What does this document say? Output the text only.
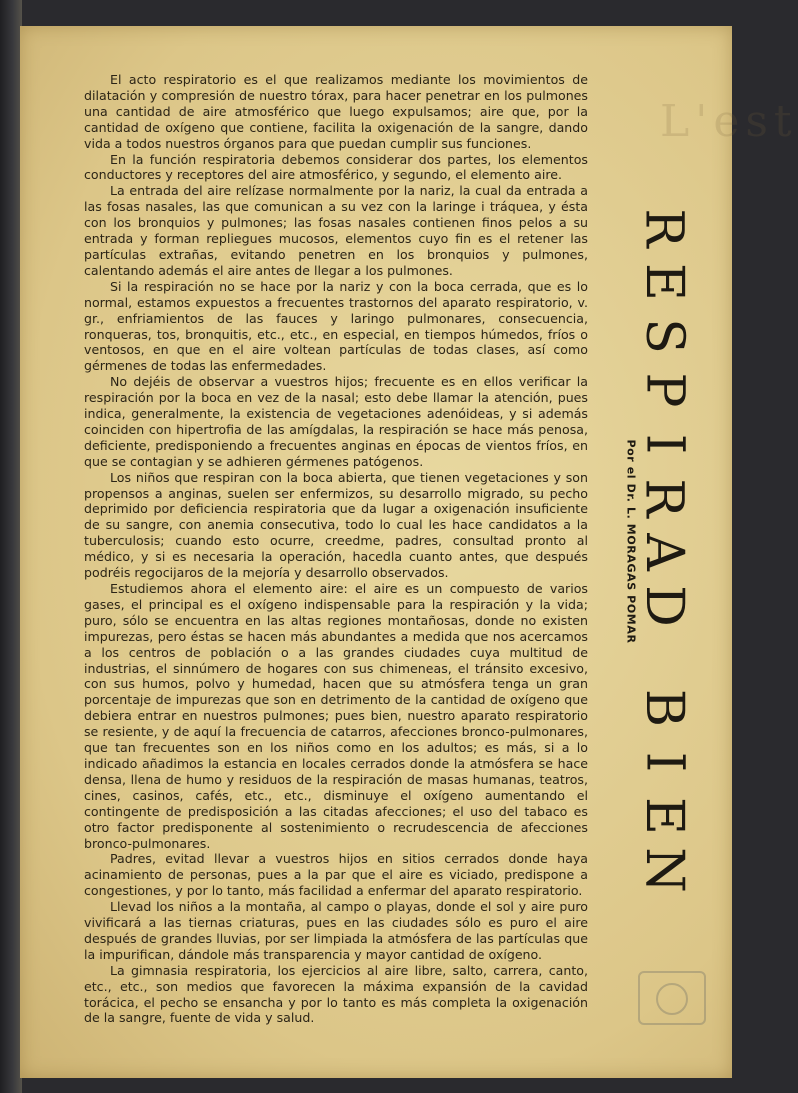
L'est

El acto respiratorio es el que realizamos mediante los movimientos de dilatación y compresión de nuestro tórax, para hacer penetrar en los pulmones una cantidad de aire atmosférico que luego expulsamos; aire que, por la cantidad de oxígeno que contiene, facilita la oxigenación de la sangre, dando vida a todos nuestros órganos para que puedan cumplir sus funciones.

En la función respiratoria debemos considerar dos partes, los elementos conductores y receptores del aire atmosférico, y segundo, el elemento aire.

La entrada del aire relízase normalmente por la nariz, la cual da entrada a las fosas nasales, las que comunican a su vez con la laringe i tráquea, y ésta con los bronquios y pulmones; las fosas nasales contienen finos pelos a su entrada y forman repliegues mucosos, elementos cuyo fin es el retener las partículas extrañas, evitando penetren en los bronquios y pulmones, calentando además el aire antes de llegar a los pulmones.

Si la respiración no se hace por la nariz y con la boca cerrada, que es lo normal, estamos expuestos a frecuentes trastornos del aparato respiratorio, v. gr., enfriamientos de las fauces y laringo pulmonares, consecuencia, ronqueras, tos, bronquitis, etc., etc., en especial, en tiempos húmedos, fríos o ventosos, en que en el aire voltean partículas de todas clases, así como gérmenes de todas las enfermedades.

No dejéis de observar a vuestros hijos; frecuente es en ellos verificar la respiración por la boca en vez de la nasal; esto debe llamar la atención, pues indica, generalmente, la existencia de vegetaciones adenóideas, y si además coinciden con hipertrofia de las amígdalas, la respiración se hace más penosa, deficiente, predisponiendo a frecuentes anginas en épocas de vientos fríos, en que se contagian y se adhieren gérmenes patógenos.

Los niños que respiran con la boca abierta, que tienen vegetaciones y son propensos a anginas, suelen ser enfermizos, su desarrollo migrado, su pecho deprimido por deficiencia respiratoria que da lugar a oxigenación insuficiente de su sangre, con anemia consecutiva, todo lo cual les hace candidatos a la tuberculosis; cuando esto ocurre, creedme, padres, consultad pronto al médico, y si es necesaria la operación, hacedla cuanto antes, que después podréis regocijaros de la mejoría y desarrollo observados.

Estudiemos ahora el elemento aire: el aire es un compuesto de varios gases, el principal es el oxígeno indispensable para la respiración y la vida; puro, sólo se encuentra en las altas regiones montañosas, donde no existen impurezas, pero éstas se hacen más abundantes a medida que nos acercamos a los centros de población o a las grandes ciudades cuya multitud de industrias, el sinnúmero de hogares con sus chimeneas, el tránsito excesivo, con sus humos, polvo y humedad, hacen que su atmósfera tenga un gran porcentaje de impurezas que son en detrimento de la cantidad de oxígeno que debiera entrar en nuestros pulmones; pues bien, nuestro aparato respiratorio se resiente, y de aquí la frecuencia de catarros, afecciones bronco-pulmonares, que tan frecuentes son en los niños como en los adultos; es más, si a lo indicado añadimos la estancia en locales cerrados donde la atmósfera se hace densa, llena de humo y residuos de la respiración de masas humanas, teatros, cines, casinos, cafés, etc., etc., disminuye el oxígeno aumentando el contingente de predisposición a las citadas afecciones; el uso del tabaco es otro factor predisponente al sostenimiento o recrudescencia de afecciones bronco-pulmonares.

Padres, evitad llevar a vuestros hijos en sitios cerrados donde haya acinamiento de personas, pues a la par que el aire es viciado, predispone a congestiones, y por lo tanto, más facilidad a enfermar del aparato respiratorio.

Llevad los niños a la montaña, al campo o playas, donde el sol y aire puro vivificará a las tiernas criaturas, pues en las ciudades sólo es puro el aire después de grandes lluvias, por ser limpiada la atmósfera de las partículas que la impurifican, dándole más transparencia y mayor cantidad de oxígeno.

La gimnasia respiratoria, los ejercicios al aire libre, salto, carrera, canto, etc., etc., son medios que favorecen la máxima expansión de la cavidad torácica, el pecho se ensancha y por lo tanto es más completa la oxigenación de la sangre, fuente de vida y salud.

R
E
S
P
I
R
A
D
B
I
E
N
Por el Dr. L. MORAGAS POMAR
